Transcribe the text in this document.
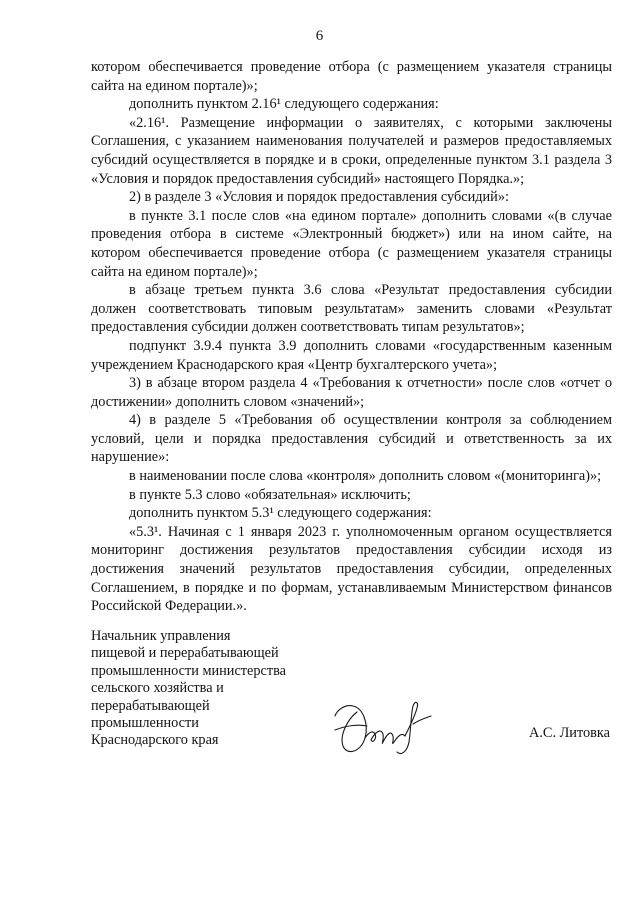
6

котором обеспечивается проведение отбора (с размещением указателя страницы сайта на едином портале)»;

дополнить пунктом 2.16¹ следующего содержания:

«2.16¹. Размещение информации о заявителях, с которыми заключены Соглашения, с указанием наименования получателей и размеров предоставляемых субсидий осуществляется в порядке и в сроки, определенные пунктом 3.1 раздела 3 «Условия и порядок предоставления субсидий» настоящего Порядка.»;

2) в разделе 3 «Условия и порядок предоставления субсидий»:

в пункте 3.1 после слов «на едином портале» дополнить словами «(в случае проведения отбора в системе «Электронный бюджет») или на ином сайте, на котором обеспечивается проведение отбора (с размещением указателя страницы сайта на едином портале)»;

в абзаце третьем пункта 3.6 слова «Результат предоставления субсидии должен соответствовать типовым результатам» заменить словами «Результат предоставления субсидии должен соответствовать типам результатов»;

подпункт 3.9.4 пункта 3.9 дополнить словами «государственным казенным учреждением Краснодарского края «Центр бухгалтерского учета»;

3) в абзаце втором раздела 4 «Требования к отчетности» после слов «отчет о достижении» дополнить словом «значений»;

4) в разделе 5 «Требования об осуществлении контроля за соблюдением условий, цели и порядка предоставления субсидий и ответственность за их нарушение»:

в наименовании после слова «контроля» дополнить словом «(мониторинга)»;

в пункте 5.3 слово «обязательная» исключить;

дополнить пунктом 5.3¹ следующего содержания:

«5.3¹. Начиная с 1 января 2023 г. уполномоченным органом осуществляется мониторинг достижения результатов предоставления субсидии исходя из достижения значений результатов предоставления субсидии, определенных Соглашением, в порядке и по формам, устанавливаемым Министерством финансов Российской Федерации.».

Начальник управления
пищевой и перерабатывающей
промышленности министерства
сельского хозяйства и
перерабатывающей
промышленности
Краснодарского края	А.С. Литовка
